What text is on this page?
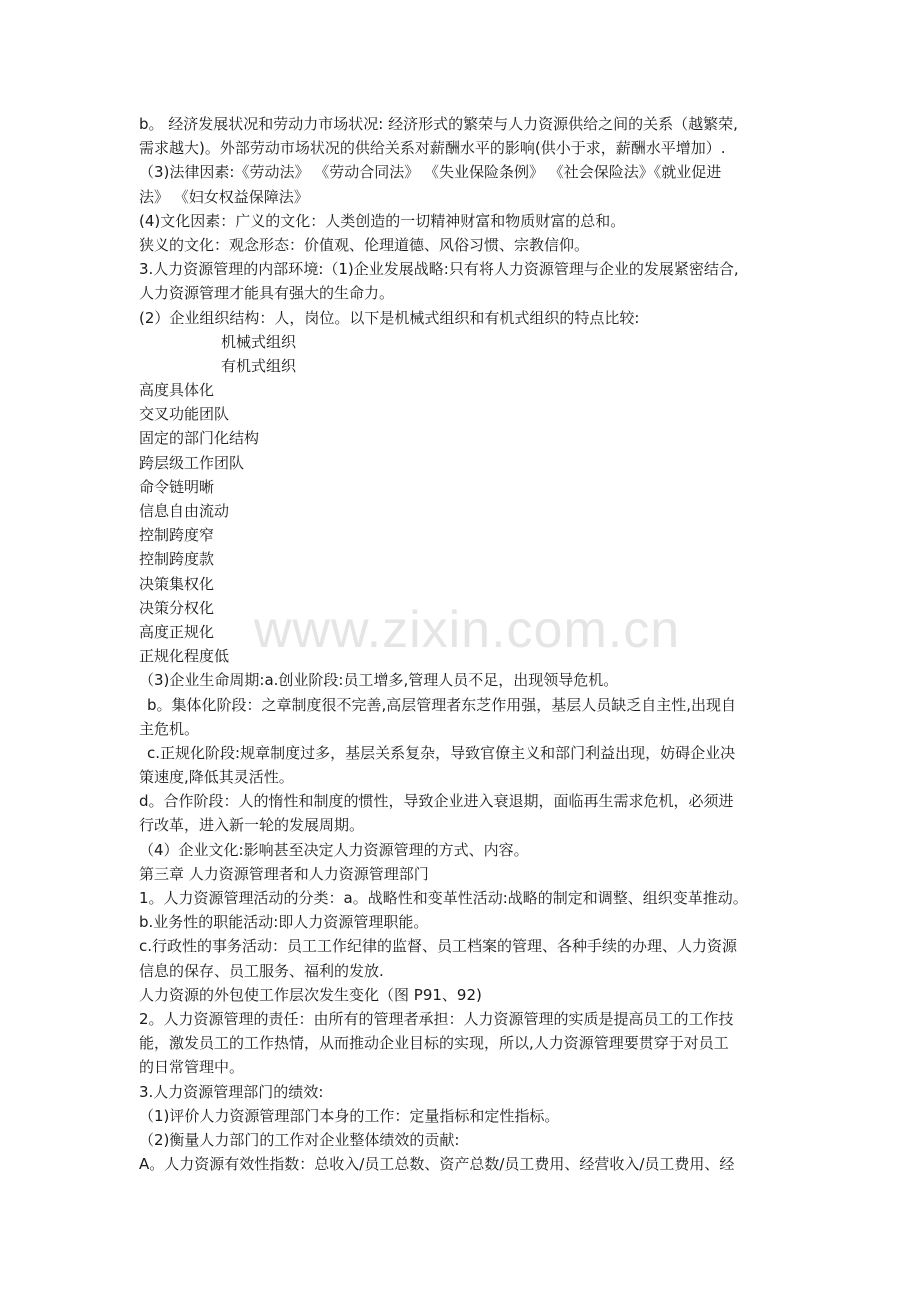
www.zixin.com.cn
b。 经济发展状况和劳动力市场状况: 经济形式的繁荣与人力资源供给之间的关系（越繁荣,
需求越大)。外部劳动市场状况的供给关系对薪酬水平的影响(供小于求，薪酬水平增加）.
（3)法律因素:《劳动法》 《劳动合同法》 《失业保险条例》 《社会保险法》《就业促进
法》 《妇女权益保障法》
(4)文化因素：广义的文化：人类创造的一切精神财富和物质财富的总和。
狭义的文化：观念形态：价值观、伦理道德、风俗习惯、宗教信仰。
3.人力资源管理的内部环境:（1)企业发展战略:只有将人力资源管理与企业的发展紧密结合,
人力资源管理才能具有强大的生命力。
(2）企业组织结构：人，岗位。以下是机械式组织和有机式组织的特点比较:
机械式组织
有机式组织
高度具体化
交叉功能团队
固定的部门化结构
跨层级工作团队
命令链明晰
信息自由流动
控制跨度窄
控制跨度款
决策集权化
决策分权化
高度正规化
正规化程度低
（3)企业生命周期:a.创业阶段:员工增多,管理人员不足，出现领导危机。
b。集体化阶段：之章制度很不完善,高层管理者东芝作用强，基层人员缺乏自主性,出现自
主危机。
c.正规化阶段:规章制度过多，基层关系复杂，导致官僚主义和部门利益出现，妨碍企业决
策速度,降低其灵活性。
d。合作阶段：人的惰性和制度的惯性，导致企业进入衰退期，面临再生需求危机，必须进
行改革，进入新一轮的发展周期。
（4）企业文化:影响甚至决定人力资源管理的方式、内容。
第三章 人力资源管理者和人力资源管理部门
1。人力资源管理活动的分类：a。战略性和变革性活动:战略的制定和调整、组织变革推动。
b.业务性的职能活动:即人力资源管理职能。
c.行政性的事务活动：员工工作纪律的监督、员工档案的管理、各种手续的办理、人力资源
信息的保存、员工服务、福利的发放.
人力资源的外包使工作层次发生变化（图 P91、92)
2。人力资源管理的责任：由所有的管理者承担：人力资源管理的实质是提高员工的工作技
能，激发员工的工作热情，从而推动企业目标的实现，所以,人力资源管理要贯穿于对员工
的日常管理中。
3.人力资源管理部门的绩效:
（1)评价人力资源管理部门本身的工作：定量指标和定性指标。
（2)衡量人力部门的工作对企业整体绩效的贡献:
A。人力资源有效性指数：总收入/员工总数、资产总数/员工费用、经营收入/员工费用、经
